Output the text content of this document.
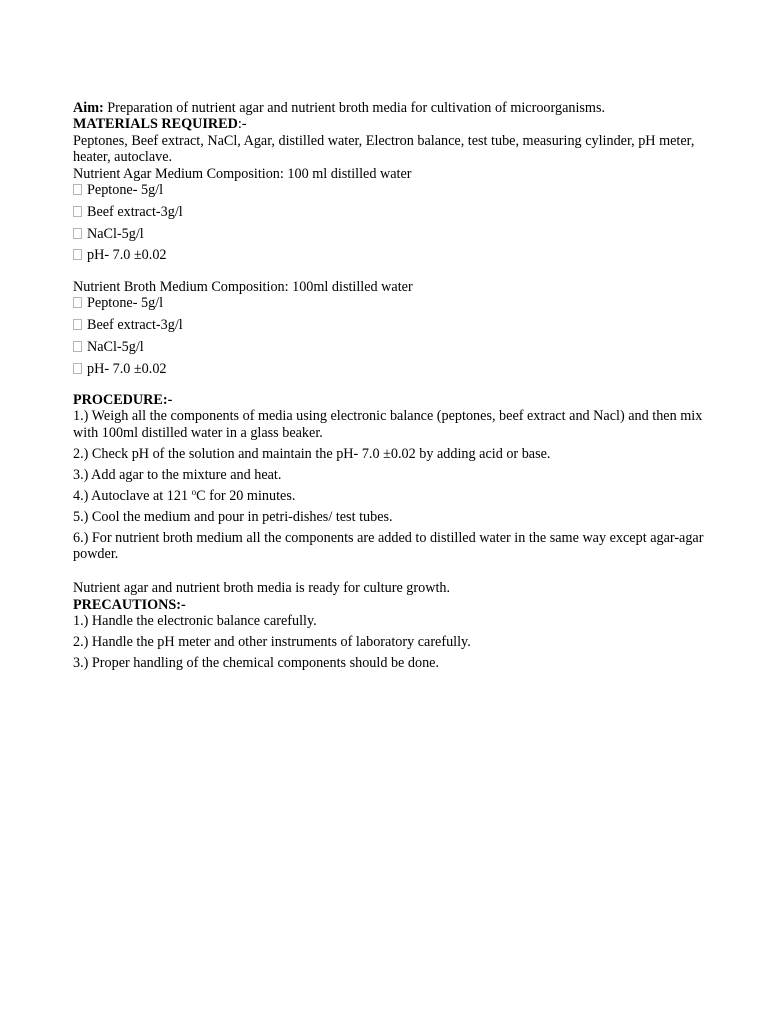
Aim: Preparation of nutrient agar and nutrient broth media for cultivation of microorganisms.
MATERIALS REQUIRED:-
Peptones, Beef extract, NaCl, Agar, distilled water, Electron balance, test tube, measuring cylinder, pH meter, heater, autoclave.
Nutrient Agar Medium Composition: 100 ml distilled water
Peptone- 5g/l
Beef extract-3g/l
NaCl-5g/l
pH- 7.0 ±0.02
Nutrient Broth Medium Composition: 100ml distilled water
Peptone- 5g/l
Beef extract-3g/l
NaCl-5g/l
pH- 7.0 ±0.02
PROCEDURE:-
1.) Weigh all the components of media using electronic balance (peptones, beef extract and Nacl) and then mix with 100ml distilled water in a glass beaker.
2.) Check pH of the solution and maintain the pH- 7.0 ±0.02 by adding acid or base.
3.) Add agar to the mixture and heat.
4.) Autoclave at 121 $^o$C for 20 minutes.
5.) Cool the medium and pour in petri-dishes/ test tubes.
6.) For nutrient broth medium all the components are added to distilled water in the same way except agar-agar powder.
Nutrient agar and nutrient broth media is ready for culture growth.
PRECAUTIONS:-
1.) Handle the electronic balance carefully.
2.) Handle the pH meter and other instruments of laboratory carefully.
3.) Proper handling of the chemical components should be done.
